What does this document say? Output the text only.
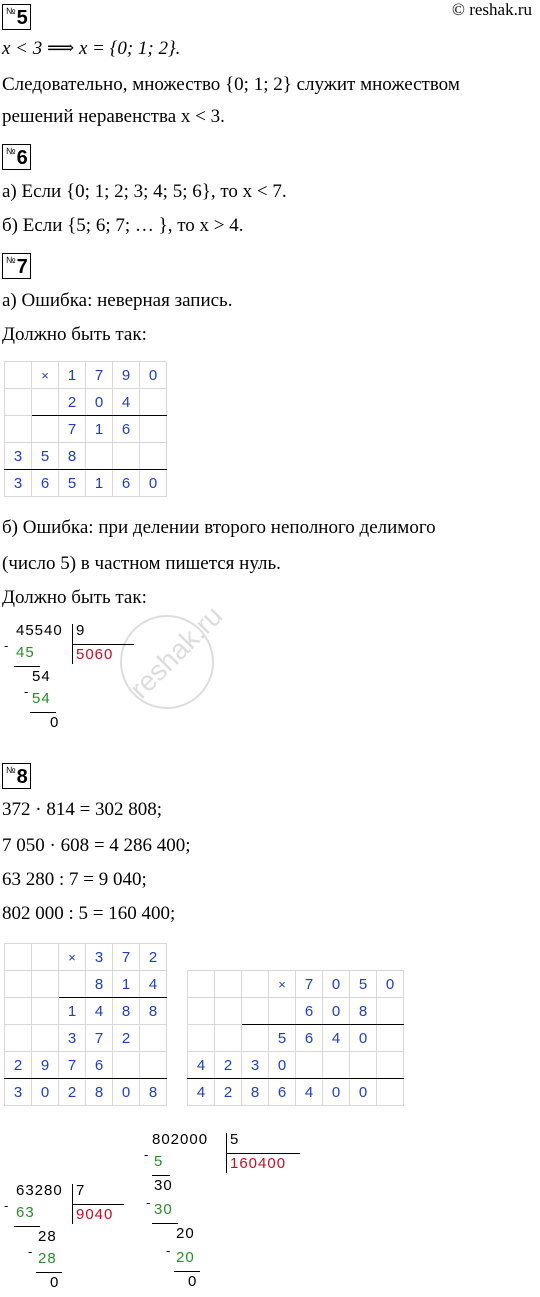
© reshak.ru
№5
x < 3 ⟹ x = {0; 1; 2}.
Следовательно, множество {0; 1; 2} служит множеством
решений неравенства x < 3.
№6
а) Если {0; 1; 2; 3; 4; 5; 6}, то x < 7.
б) Если {5; 6; 7; … }, то x > 4.
№7
а) Ошибка: неверная запись.
Должно быть так:
	×	1	7	9	0
		2	0	4	
		7	1	6	
3	5	8			
3	6	5	1	6	0
б) Ошибка: при делении второго неполного делимого
(число 5) в частном пишется нуль.
Должно быть так:
reshak.ru
45540 9
5060
- 45
54
- 54
0
№8
372 · 814 = 302 808;
7 050 · 608 = 4 286 400;
63 280 : 7 = 9 040;
802 000 : 5 = 160 400;
		×	3	7	2
			8	1	4
		1	4	8	8
		3	7	2	
2	9	7	6		
3	0	2	8	0	8
			×	7	0	5	0
				6	0	8	
			5	6	4	0	
4	2	3	0				
4	2	8	6	4	0	0	
63280 7
9040
- 63
28
- 28
0
802000 5
160400
- 5
30
- 30
20
- 20
0
